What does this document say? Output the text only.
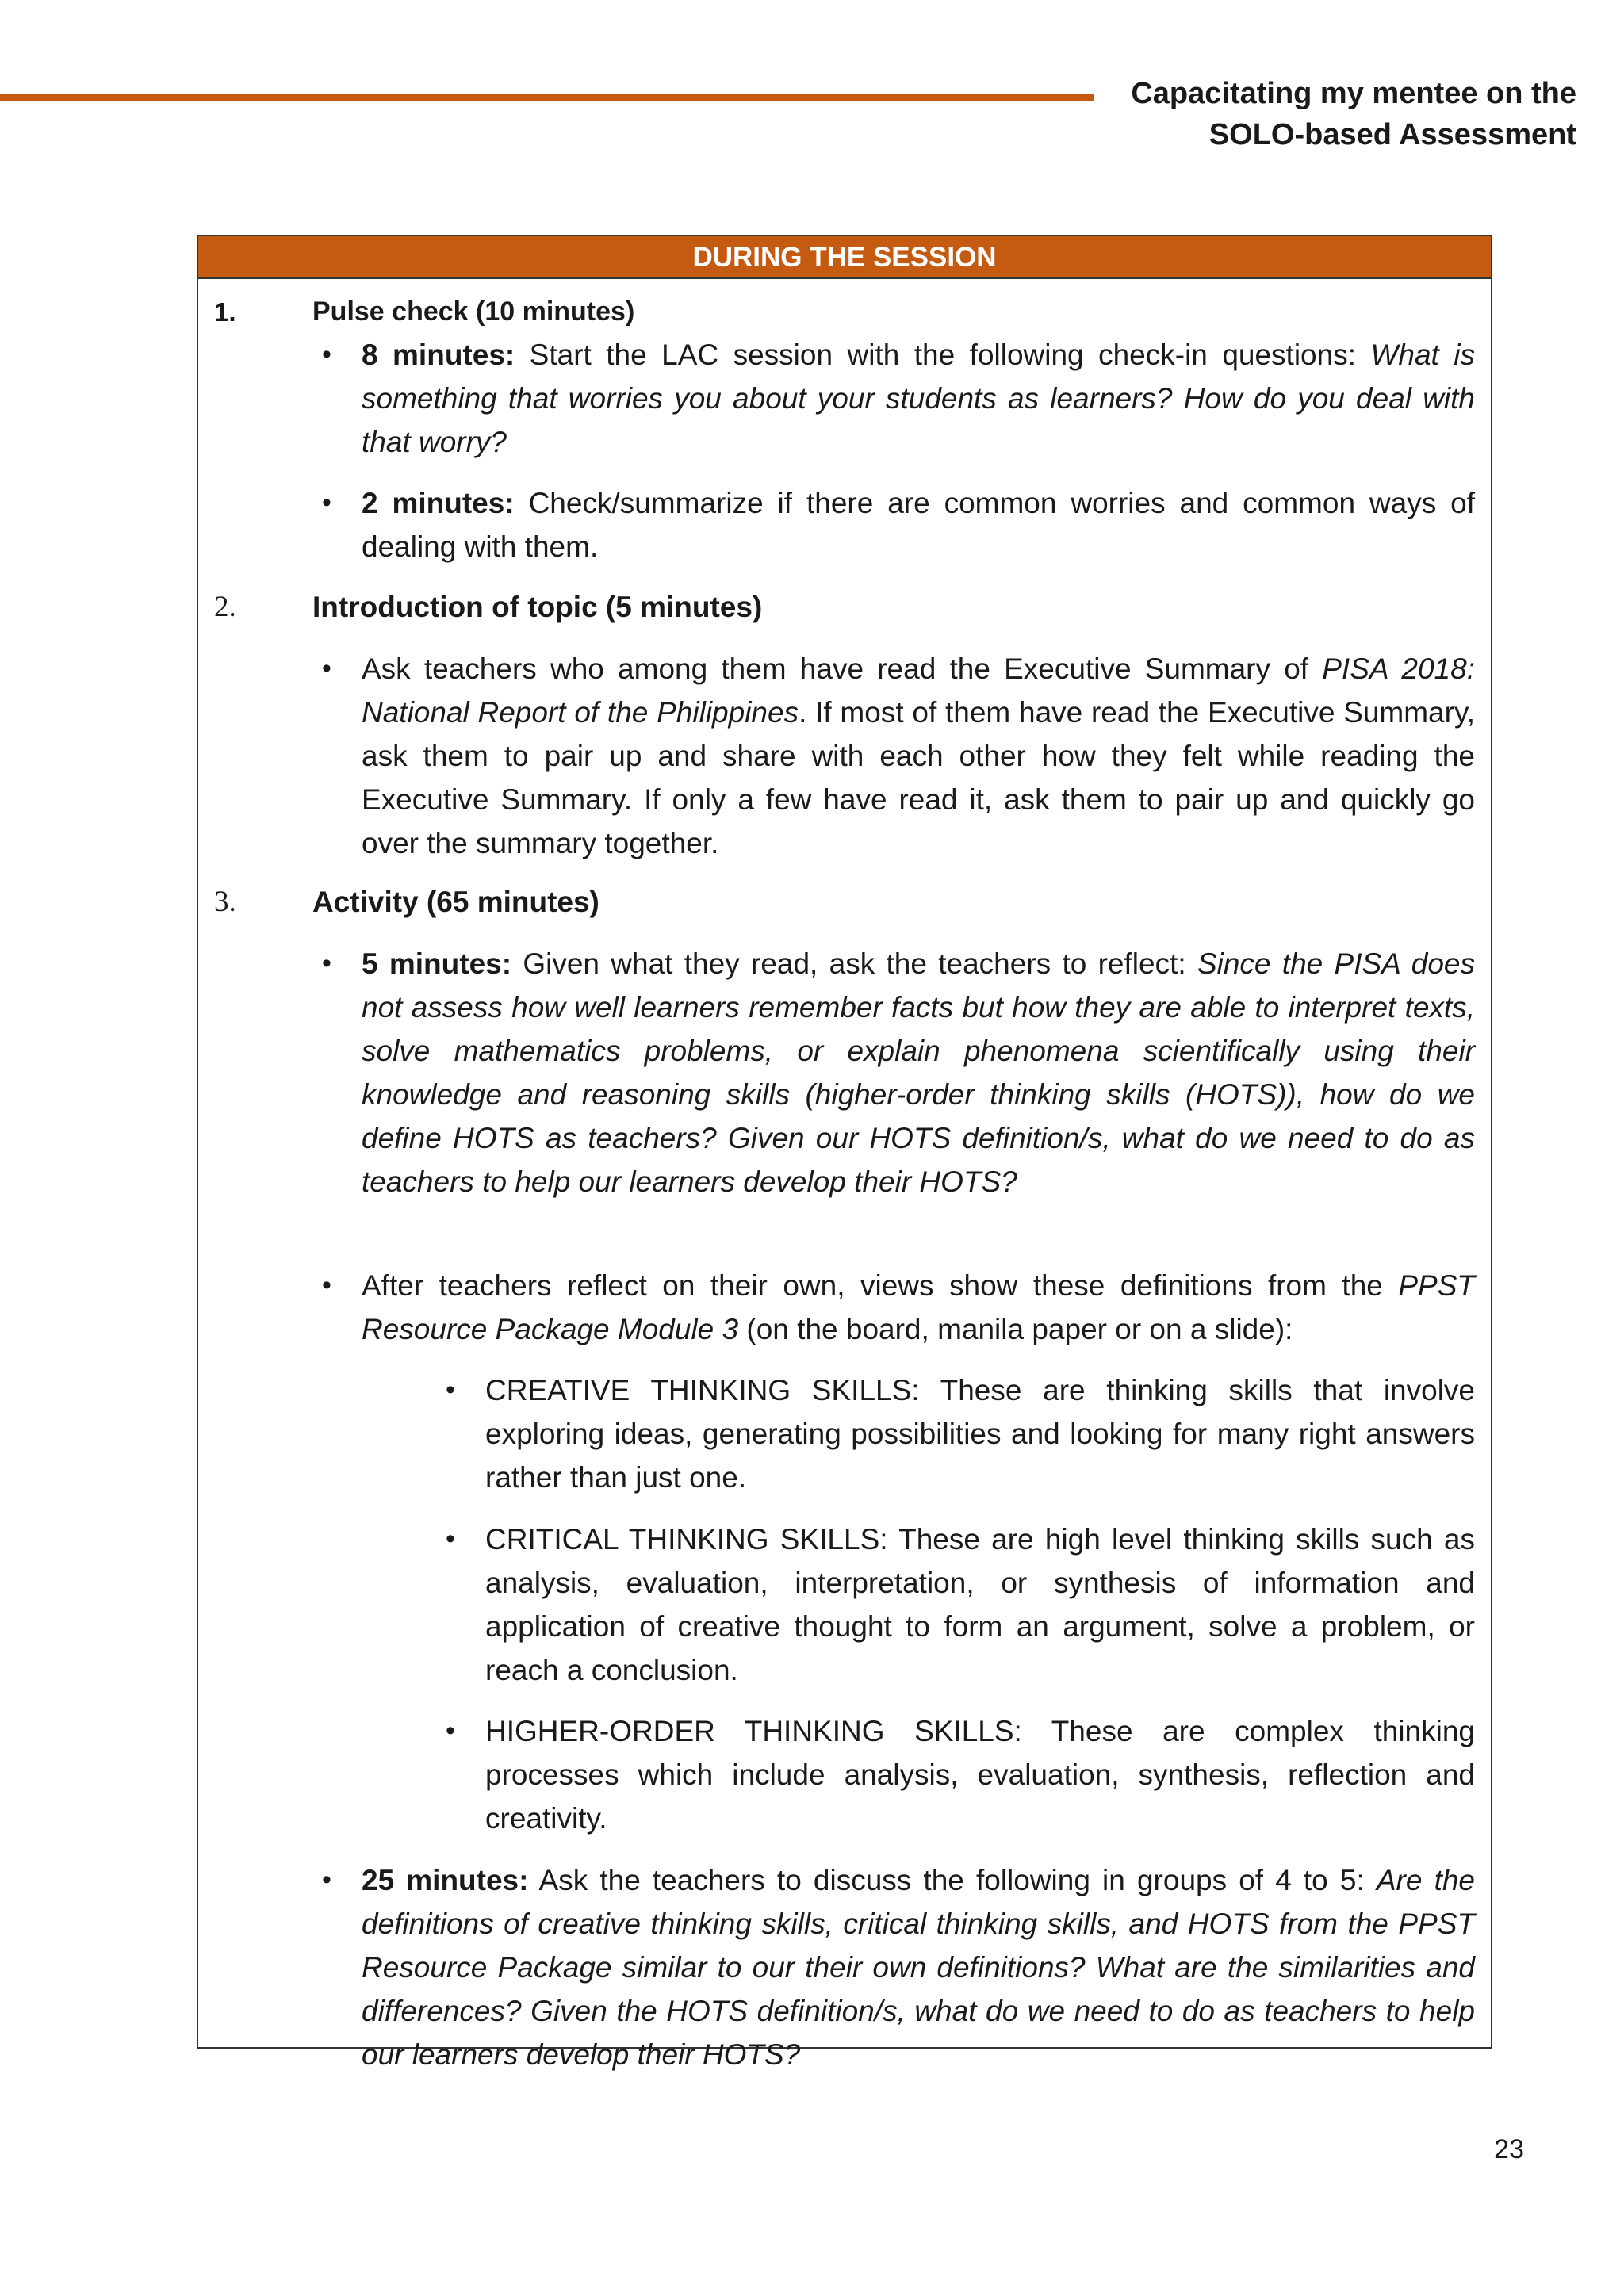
Capacitating my mentee on the
SOLO-based Assessment
DURING THE SESSION
1.	Pulse check (10 minutes)
• 8 minutes: Start the LAC session with the following check-in questions: What is something that worries you about your students as learners? How do you deal with that worry?
• 2 minutes: Check/summarize if there are common worries and common ways of dealing with them.
2.	Introduction of topic (5 minutes)
• Ask teachers who among them have read the Executive Summary of PISA 2018: National Report of the Philippines. If most of them have read the Executive Summary, ask them to pair up and share with each other how they felt while reading the Executive Summary. If only a few have read it, ask them to pair up and quickly go over the summary together.
3.	Activity (65 minutes)
• 5 minutes: Given what they read, ask the teachers to reflect: Since the PISA does not assess how well learners remember facts but how they are able to interpret texts, solve mathematics problems, or explain phenomena scientifically using their knowledge and reasoning skills (higher-order thinking skills (HOTS)), how do we define HOTS as teachers? Given our HOTS definition/s, what do we need to do as teachers to help our learners develop their HOTS?
• After teachers reflect on their own, views show these definitions from the PPST Resource Package Module 3 (on the board, manila paper or on a slide):
• CREATIVE THINKING SKILLS: These are thinking skills that involve exploring ideas, generating possibilities and looking for many right answers rather than just one.
• CRITICAL THINKING SKILLS: These are high level thinking skills such as analysis, evaluation, interpretation, or synthesis of information and application of creative thought to form an argument, solve a problem, or reach a conclusion.
• HIGHER-ORDER THINKING SKILLS: These are complex thinking processes which include analysis, evaluation, synthesis, reflection and creativity.
• 25 minutes: Ask the teachers to discuss the following in groups of 4 to 5: Are the definitions of creative thinking skills, critical thinking skills, and HOTS from the PPST Resource Package similar to our their own definitions? What are the similarities and differences? Given the HOTS definition/s, what do we need to do as teachers to help our learners develop their HOTS?
23
